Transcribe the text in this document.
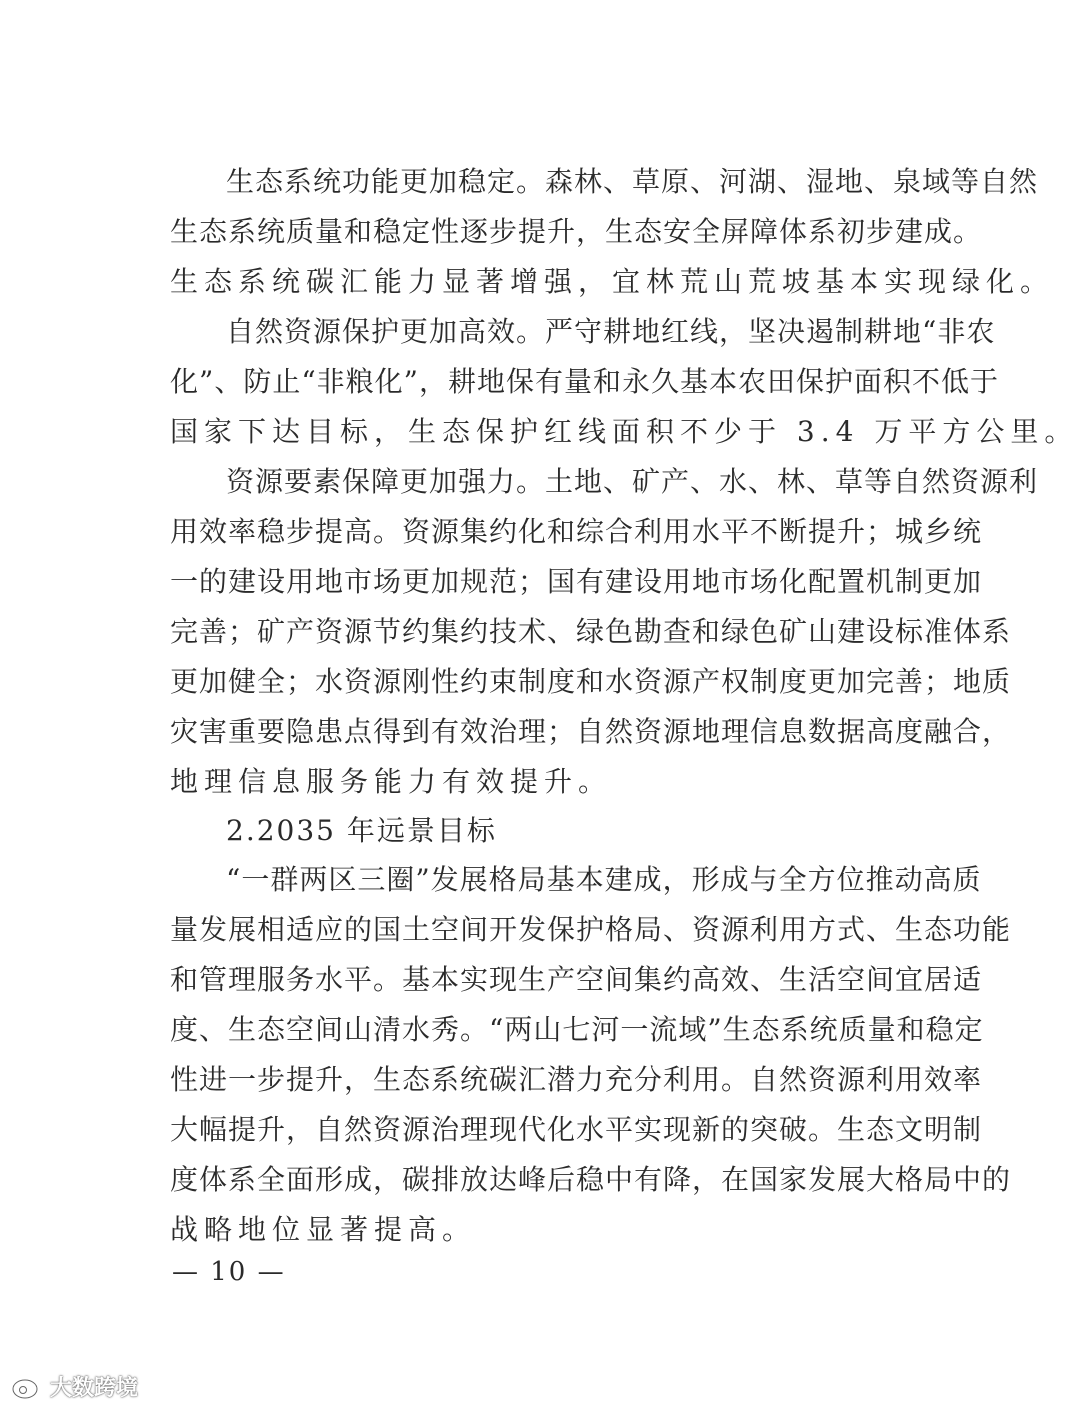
生态系统功能更加稳定。森林、草原、河湖、湿地、泉域等自然
生态系统质量和稳定性逐步提升，生态安全屏障体系初步建成。
生态系统碳汇能力显著增强，宜林荒山荒坡基本实现绿化。
自然资源保护更加高效。严守耕地红线，坚决遏制耕地“非农
化”、防止“非粮化”，耕地保有量和永久基本农田保护面积不低于
国家下达目标，生态保护红线面积不少于 3.4 万平方公里。
资源要素保障更加强力。土地、矿产、水、林、草等自然资源利
用效率稳步提高。资源集约化和综合利用水平不断提升；城乡统
一的建设用地市场更加规范；国有建设用地市场化配置机制更加
完善；矿产资源节约集约技术、绿色勘查和绿色矿山建设标准体系
更加健全；水资源刚性约束制度和水资源产权制度更加完善；地质
灾害重要隐患点得到有效治理；自然资源地理信息数据高度融合，
地理信息服务能力有效提升。
2.2035 年远景目标
“一群两区三圈”发展格局基本建成，形成与全方位推动高质
量发展相适应的国土空间开发保护格局、资源利用方式、生态功能
和管理服务水平。基本实现生产空间集约高效、生活空间宜居适
度、生态空间山清水秀。“两山七河一流域”生态系统质量和稳定
性进一步提升，生态系统碳汇潜力充分利用。自然资源利用效率
大幅提升，自然资源治理现代化水平实现新的突破。生态文明制
度体系全面形成，碳排放达峰后稳中有降，在国家发展大格局中的
战略地位显著提高。
— 10 —
大数跨境
